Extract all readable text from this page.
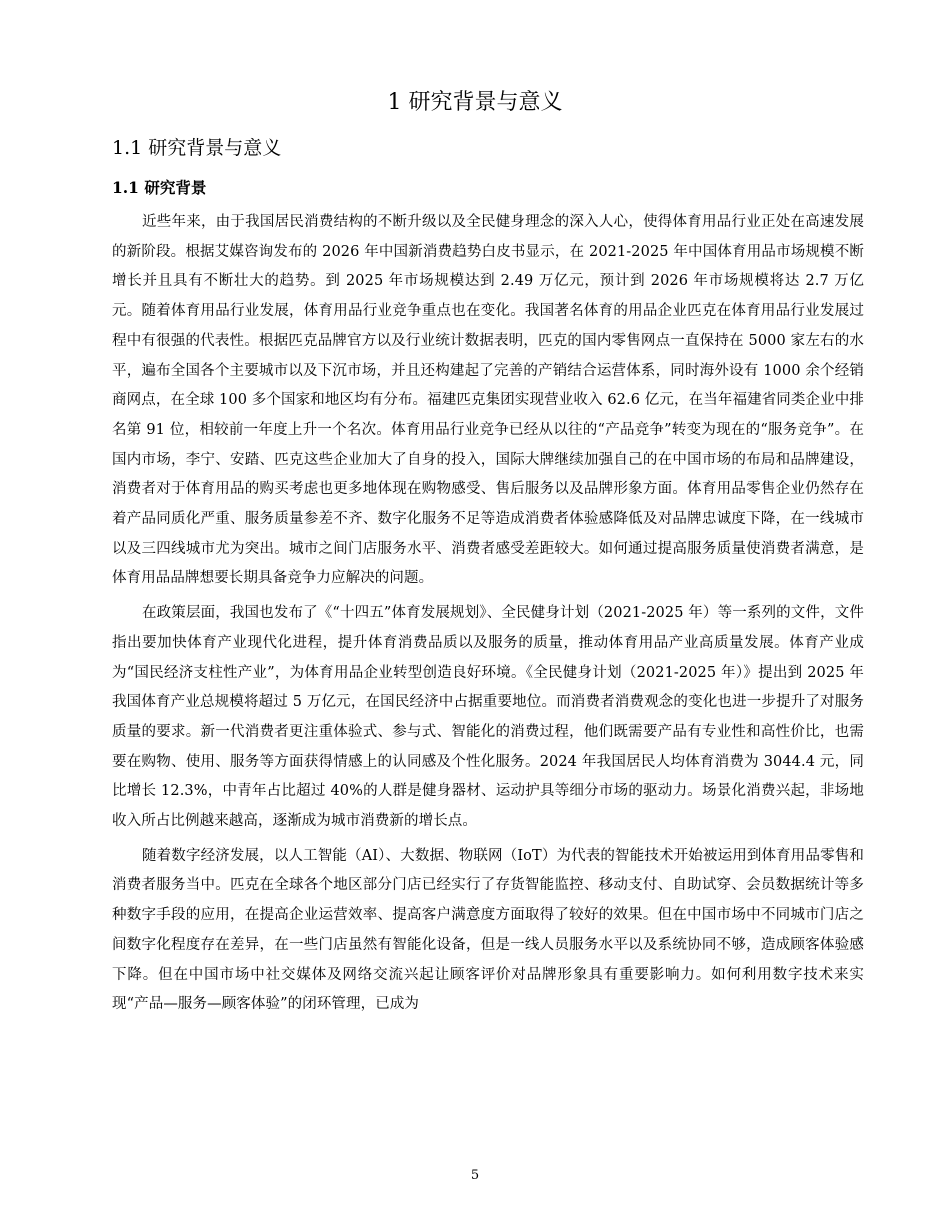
1 研究背景与意义
1.1 研究背景与意义
1.1 研究背景

近些年来，由于我国居民消费结构的不断升级以及全民健身理念的深入人心，使得体育用品行业正处在高速发展的新阶段。根据艾媒咨询发布的 2026 年中国新消费趋势白皮书显示，在 2021-2025 年中国体育用品市场规模不断增长并且具有不断壮大的趋势。到 2025 年市场规模达到 2.49 万亿元，预计到 2026 年市场规模将达 2.7 万亿元。随着体育用品行业发展，体育用品行业竞争重点也在变化。我国著名体育的用品企业匹克在体育用品行业发展过程中有很强的代表性。根据匹克品牌官方以及行业统计数据表明，匹克的国内零售网点一直保持在 5000 家左右的水平，遍布全国各个主要城市以及下沉市场，并且还构建起了完善的产销结合运营体系，同时海外设有 1000 余个经销商网点，在全球 100 多个国家和地区均有分布。福建匹克集团实现营业收入 62.6 亿元，在当年福建省同类企业中排名第 91 位，相较前一年度上升一个名次。体育用品行业竞争已经从以往的“产品竞争”转变为现在的“服务竞争”。在国内市场，李宁、安踏、匹克这些企业加大了自身的投入，国际大牌继续加强自己的在中国市场的布局和品牌建设，消费者对于体育用品的购买考虑也更多地体现在购物感受、售后服务以及品牌形象方面。体育用品零售企业仍然存在着产品同质化严重、服务质量参差不齐、数字化服务不足等造成消费者体验感降低及对品牌忠诚度下降，在一线城市以及三四线城市尤为突出。城市之间门店服务水平、消费者感受差距较大。如何通过提高服务质量使消费者满意，是体育用品品牌想要长期具备竞争力应解决的问题。

在政策层面，我国也发布了《“十四五”体育发展规划》、全民健身计划（2021-2025 年）等一系列的文件，文件指出要加快体育产业现代化进程，提升体育消费品质以及服务的质量，推动体育用品产业高质量发展。体育产业成为“国民经济支柱性产业”，为体育用品企业转型创造良好环境。《全民健身计划（2021-2025 年）》提出到 2025 年我国体育产业总规模将超过 5 万亿元，在国民经济中占据重要地位。而消费者消费观念的变化也进一步提升了对服务质量的要求。新一代消费者更注重体验式、参与式、智能化的消费过程，他们既需要产品有专业性和高性价比，也需要在购物、使用、服务等方面获得情感上的认同感及个性化服务。2024 年我国居民人均体育消费为 3044.4 元，同比增长 12.3%，中青年占比超过 40%的人群是健身器材、运动护具等细分市场的驱动力。场景化消费兴起，非场地收入所占比例越来越高，逐渐成为城市消费新的增长点。

随着数字经济发展，以人工智能（AI）、大数据、物联网（IoT）为代表的智能技术开始被运用到体育用品零售和消费者服务当中。匹克在全球各个地区部分门店已经实行了存货智能监控、移动支付、自助试穿、会员数据统计等多种数字手段的应用，在提高企业运营效率、提高客户满意度方面取得了较好的效果。但在中国市场中不同城市门店之间数字化程度存在差异，在一些门店虽然有智能化设备，但是一线人员服务水平以及系统协同不够，造成顾客体验感下降。但在中国市场中社交媒体及网络交流兴起让顾客评价对品牌形象具有重要影响力。如何利用数字技术来实现“产品—服务—顾客体验”的闭环管理，已成为

5
